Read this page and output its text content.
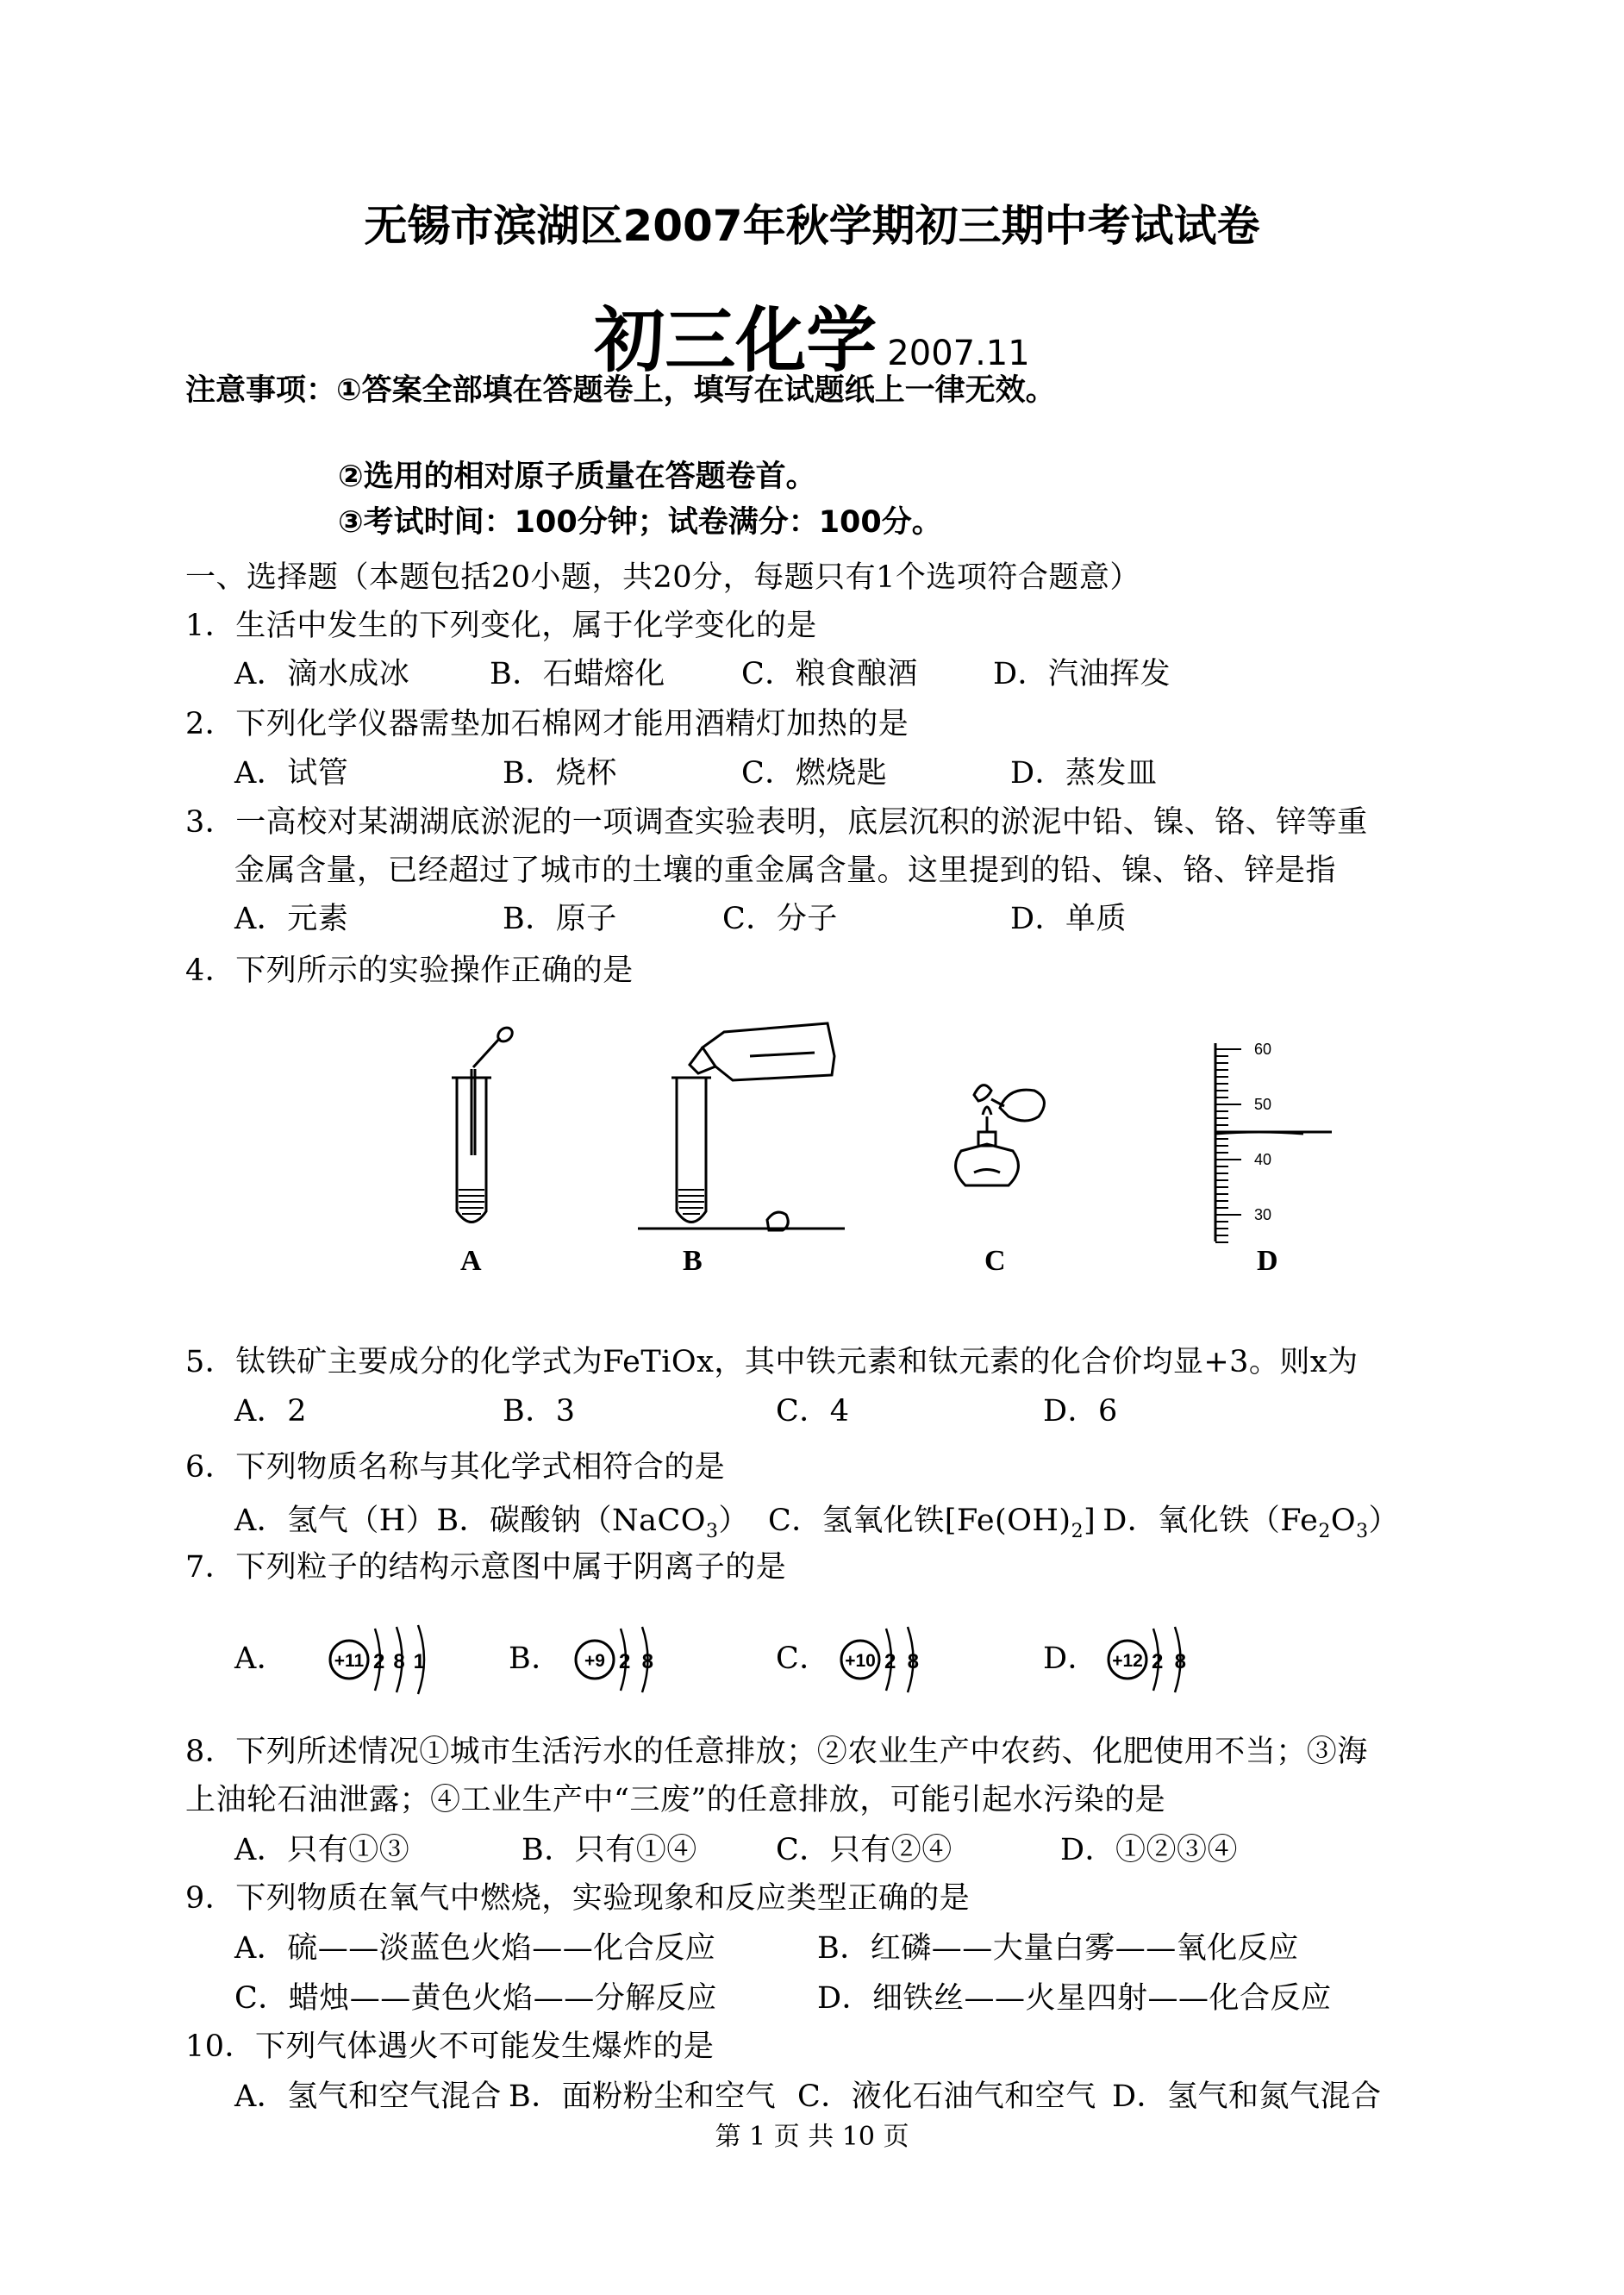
无锡市滨湖区2007年秋学期初三期中考试试卷
初三化学 2007.11
注意事项：①答案全部填在答题卷上，填写在试题纸上一律无效。
②选用的相对原子质量在答题卷首。
③考试时间：100分钟；试卷满分：100分。
一、选择题（本题包括20小题，共20分，每题只有1个选项符合题意）
1．生活中发生的下列变化，属于化学变化的是
A．滴水成冰	B．石蜡熔化	C．粮食酿酒 D．汽油挥发
2．下列化学仪器需垫加石棉网才能用酒精灯加热的是
A．试管	B．烧杯	C．燃烧匙	D．蒸发皿
3．一高校对某湖湖底淤泥的一项调查实验表明，底层沉积的淤泥中铅、镍、铬、锌等重
金属含量，已经超过了城市的土壤的重金属含量。这里提到的铅、镍、铬、锌是指
A．元素	B．原子	C．分子	D．单质
4．下列所示的实验操作正确的是
60
50
40
30
A	B	C	D
5．钛铁矿主要成分的化学式为FeTiOx，其中铁元素和钛元素的化合价均显+3。则x为
A．2	B．3	C．4	D．6
6．下列物质名称与其化学式相符合的是
A．氢气（H）B．碳酸钠（NaCO$_3$） C．氢氧化铁$[Fe(OH)_2]$ D．氧化铁$(Fe_2O_3)$
7．下列粒子的结构示意图中属于阴离子的是
A．	B．	C．	D．
+11 2 8 1	+9 2 8	+10 2 8	+12 2 8
8．下列所述情况①城市生活污水的任意排放；②农业生产中农药、化肥使用不当；③海
上油轮石油泄露；④工业生产中“三废”的任意排放，可能引起水污染的是
A．只有①③	B．只有①④	C．只有②④	D．①②③④
9．下列物质在氧气中燃烧，实验现象和反应类型正确的是
A．硫——淡蓝色火焰——化合反应	B．红磷——大量白雾——氧化反应
C．蜡烛——黄色火焰——分解反应	D．细铁丝——火星四射——化合反应
10．下列气体遇火不可能发生爆炸的是
A．氢气和空气混合 B．面粉粉尘和空气 C．液化石油气和空气 D．氢气和氮气混合
第 1 页 共 10 页
